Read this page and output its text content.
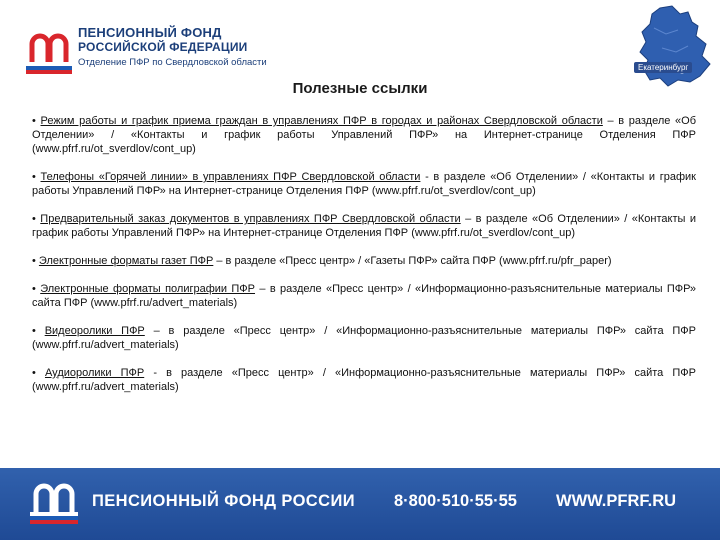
ПЕНСИОННЫЙ ФОНД
РОССИЙСКОЙ ФЕДЕРАЦИИ
Отделение ПФР по Свердловской области	Екатеринбург
Полезные ссылки

• Режим работы и график приема граждан в управлениях ПФР в городах и районах Свердловской области – в разделе «Об Отделении» / «Контакты и график работы Управлений ПФР» на Интернет-странице Отделения ПФР (www.pfrf.ru/ot_sverdlov/cont_up)

• Телефоны «Горячей линии» в управлениях ПФР Свердловской области - в разделе «Об Отделении» / «Контакты и график работы Управлений ПФР» на Интернет-странице Отделения ПФР (www.pfrf.ru/ot_sverdlov/cont_up)

• Предварительный заказ документов в управлениях ПФР Свердловской области – в разделе «Об Отделении» / «Контакты и график работы Управлений ПФР» на Интернет-странице Отделения ПФР (www.pfrf.ru/ot_sverdlov/cont_up)

• Электронные форматы газет ПФР – в разделе «Пресс центр» / «Газеты ПФР» сайта ПФР (www.pfrf.ru/pfr_paper)

• Электронные форматы полиграфии ПФР – в разделе «Пресс центр» / «Информационно-разъяснительные материалы ПФР» сайта ПФР (www.pfrf.ru/advert_materials)

• Видеоролики ПФР – в разделе «Пресс центр» / «Информационно-разъяснительные материалы ПФР» сайта ПФР (www.pfrf.ru/advert_materials)

• Аудиоролики ПФР - в разделе «Пресс центр» / «Информационно-разъяснительные материалы ПФР» сайта ПФР (www.pfrf.ru/advert_materials)

ПЕНСИОННЫЙ ФОНД РОССИИ 8·800·510·55·55 WWW.PFRF.RU
